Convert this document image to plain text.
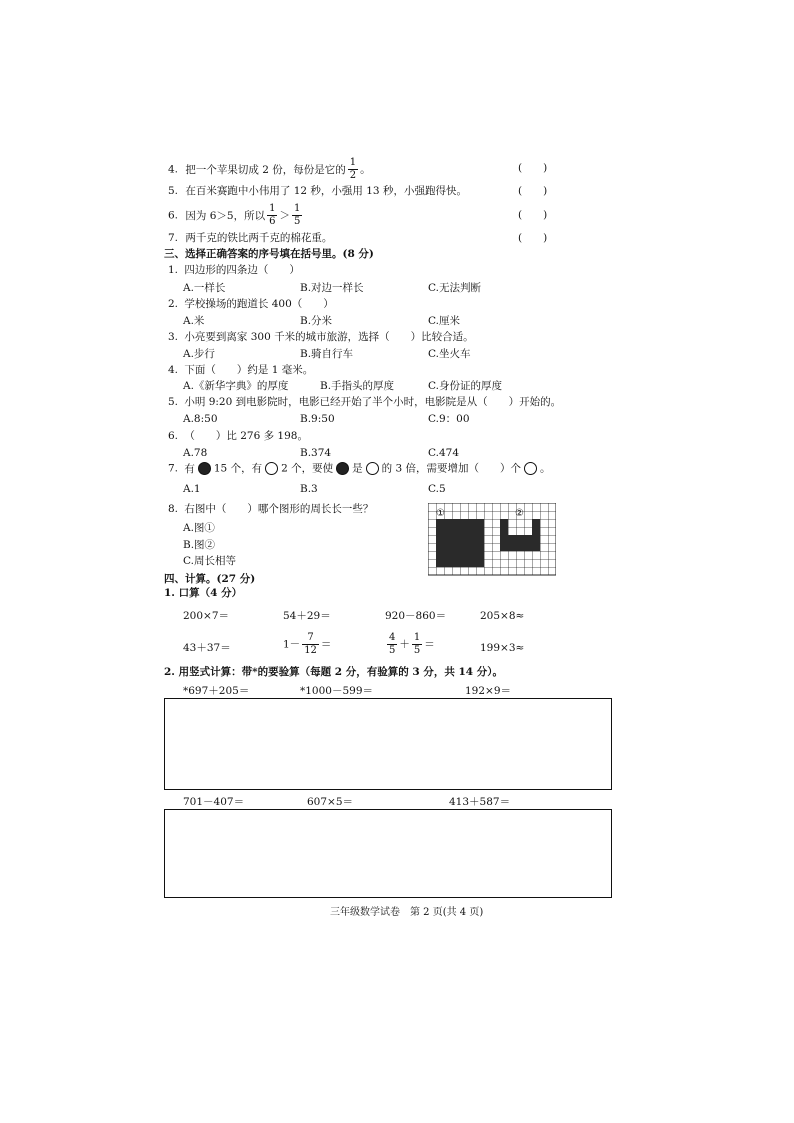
4. 把一个苹果切成 2 份，每份是它的 $\frac{1}{2}$ 。	(　　)
5. 在百米赛跑中小伟用了 12 秒，小强用 13 秒，小强跑得快。	(　　)
6. 因为 6＞5，所以 $\frac{1}{6} > \frac{1}{5}$	(　　)
7. 两千克的铁比两千克的棉花重。	(　　)
三、选择正确答案的序号填在括号里。(8 分)
1. 四边形的四条边（　　）
A.一样长	B.对边一样长	C.无法判断
2. 学校操场的跑道长 400（　　）
A.米	B.分米	C.厘米
3. 小亮要到离家 300 千米的城市旅游，选择（　　）比较合适。
A.步行	B.骑自行车	C.坐火车
4. 下面（　　）约是 1 毫米。
A.《新华字典》的厚度	B.手指头的厚度	C.身份证的厚度
5. 小明 9:20 到电影院时，电影已经开始了半个小时，电影院是从（　　）开始的。
A.8:50	B.9:50	C.9：00
6. （　　）比 276 多 198。
A.78	B.374	C.474
7. 有 15 个，有 2 个，要使 是 的 3 倍，需要增加（　　）个 。
A.1	B.3	C.5
8. 右图中（　　）哪个图形的周长长一些？
A.图①
B.图②
C.周长相等
①	②
四、计算。(27 分)
1. 口算（4 分）
200×7＝	54＋29＝	920－860＝	205×8≈
43＋37＝	$1- \frac{7}{12}$ ＝	$\frac{4}{5} + \frac{1}{5}$ ＝	199×3≈
2. 用竖式计算：带*的要验算（每题 2 分，有验算的 3 分，共 14 分）。
*697＋205＝	*1000－599＝	192×9＝
701－407＝	607×5＝	413＋587＝
三年级数学试卷　第 2 页(共 4 页)
